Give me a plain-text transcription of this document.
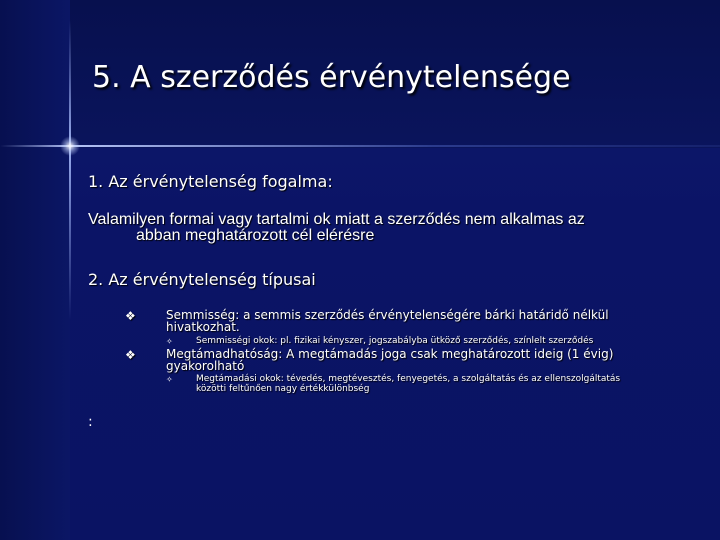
5. A szerződés érvénytelensége
1. Az érvénytelenség fogalma:
Valamilyen formai vagy tartalmi ok miatt a szerződés nem alkalmas az
abban meghatározott cél elérésre
2. Az érvénytelenség típusai
❖	Semmisség: a semmis szerződés érvénytelenségére bárki határidő nélkül
hivatkozhat.
✧	Semmisségi okok: pl. fizikai kényszer, jogszabályba ütköző szerződés, színlelt szerződés
❖	Megtámadhatóság: A megtámadás joga csak meghatározott ideig (1 évig)
gyakorolható
✧	Megtámadási okok: tévedés, megtévesztés, fenyegetés, a szolgáltatás és az ellenszolgáltatás
közötti feltűnően nagy értékkülönbség
:
